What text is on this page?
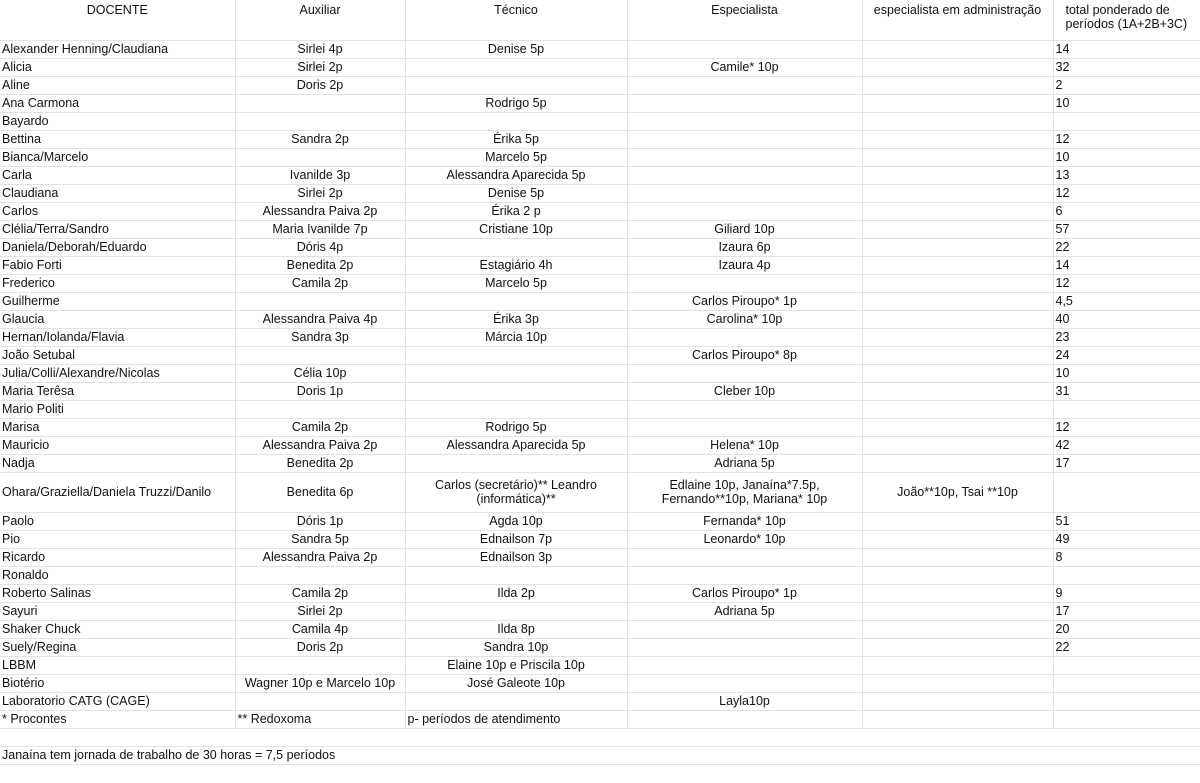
DOCENTE	Auxiliar	Técnico	Especialista	especialista em administração	total ponderado de períodos (1A+2B+3C)
Alexander Henning/Claudiana	Sirlei 4p	Denise 5p			14
Alicia	Sirlei 2p		Camile* 10p		32
Aline	Doris 2p				2
Ana Carmona		Rodrigo 5p			10
Bayardo					
Bettina	Sandra 2p	Érika 5p			12
Bianca/Marcelo		Marcelo 5p			10
Carla	Ivanilde 3p	Alessandra Aparecida 5p			13
Claudiana	Sirlei 2p	Denise 5p			12
Carlos	Alessandra Paiva 2p	Érika 2 p			6
Clélia/Terra/Sandro	Maria Ivanilde 7p	Cristiane 10p	Giliard 10p		57
Daniela/Deborah/Eduardo	Dóris 4p		Izaura 6p		22
Fabio Forti	Benedita 2p	Estagiário 4h	Izaura 4p		14
Frederico	Camila 2p	Marcelo 5p			12
Guilherme			Carlos Piroupo* 1p		4,5
Glaucia	Alessandra Paiva 4p	Érika 3p	Carolina* 10p		40
Hernan/Iolanda/Flavia	Sandra 3p	Márcia 10p			23
João Setubal			Carlos Piroupo* 8p		24
Julia/Colli/Alexandre/Nicolas	Célia 10p				10
Maria Terêsa	Doris 1p		Cleber 10p		31
Mario Politi					
Marisa	Camila 2p	Rodrigo 5p			12
Mauricio	Alessandra Paiva 2p	Alessandra Aparecida 5p	Helena* 10p		42
Nadja	Benedita 2p		Adriana 5p		17
Ohara/Graziella/Daniela Truzzi/Danilo	Benedita 6p	Carlos (secretário)** Leandro (informática)**	Edlaine 10p, Janaína*7.5p, Fernando**10p, Mariana* 10p	João**10p, Tsai **10p	
Paolo	Dóris 1p	Agda 10p	Fernanda* 10p		51
Pio	Sandra 5p	Ednailson 7p	Leonardo* 10p		49
Ricardo	Alessandra Paiva 2p	Ednailson 3p			8
Ronaldo					
Roberto Salinas	Camila 2p	Ilda 2p	Carlos Piroupo* 1p		9
Sayuri	Sirlei 2p		Adriana 5p		17
Shaker Chuck	Camila 4p	Ilda 8p			20
Suely/Regina	Doris 2p	Sandra 10p			22
LBBM		Elaine 10p e Priscila 10p			
Biotério	Wagner 10p e Marcelo 10p	José Galeote 10p			
Laboratorio CATG (CAGE)			Layla10p		
* Procontes	** Redoxoma	p- períodos de atendimento			

Janaína tem jornada de trabalho de 30 horas = 7,5 períodos					
